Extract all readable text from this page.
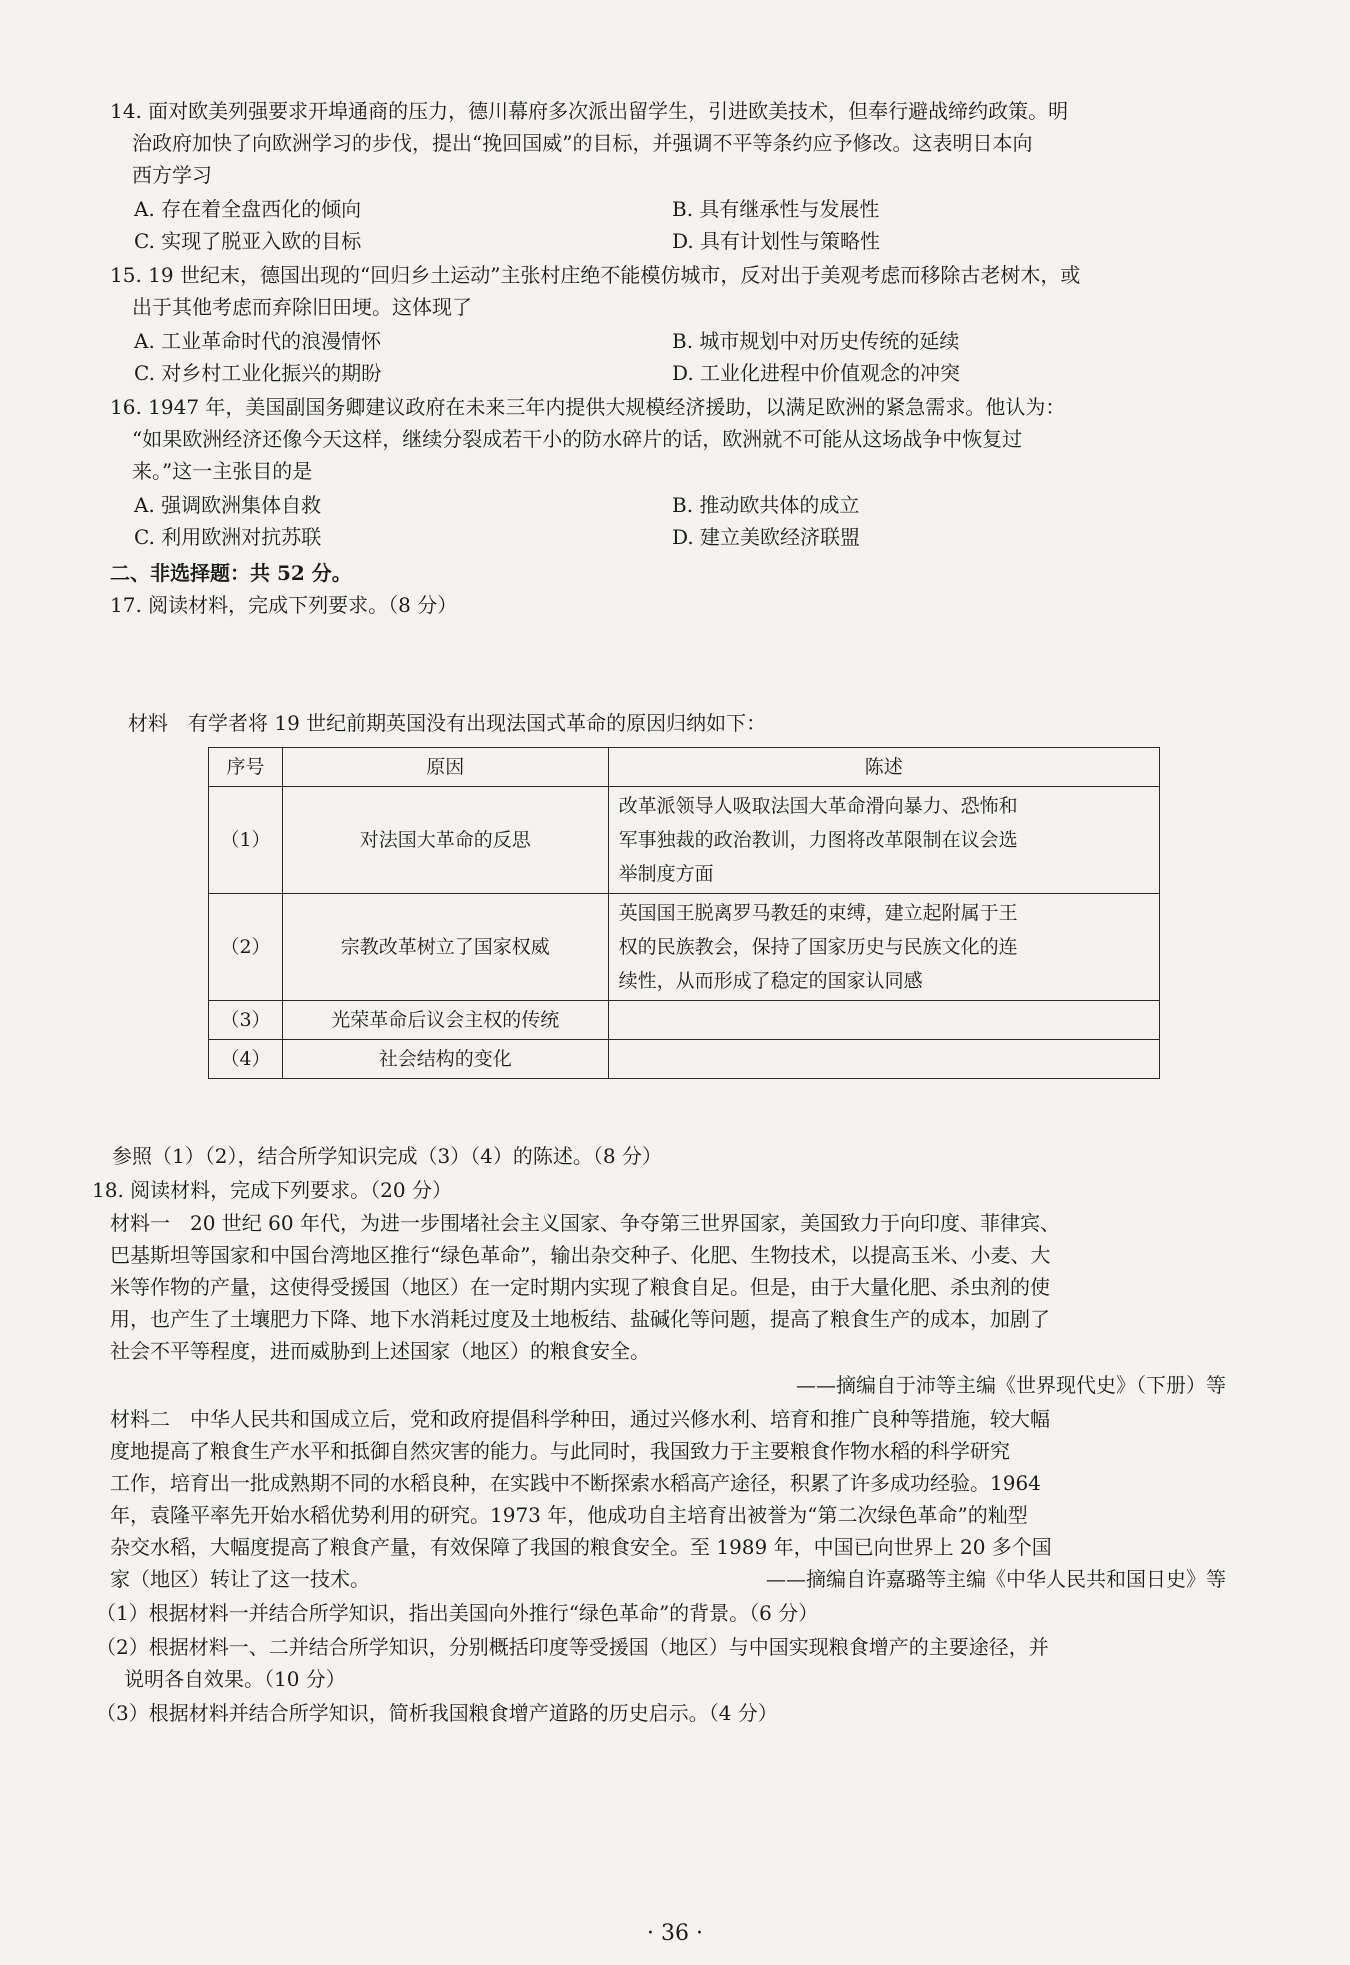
14. 面对欧美列强要求开埠通商的压力，德川幕府多次派出留学生，引进欧美技术，但奉行避战缔约政策。明
治政府加快了向欧洲学习的步伐，提出“挽回国威”的目标，并强调不平等条约应予修改。这表明日本向
西方学习
A. 存在着全盘西化的倾向	B. 具有继承性与发展性
C. 实现了脱亚入欧的目标	D. 具有计划性与策略性
15. 19 世纪末，德国出现的“回归乡土运动”主张村庄绝不能模仿城市，反对出于美观考虑而移除古老树木，或
出于其他考虑而弃除旧田埂。这体现了
A. 工业革命时代的浪漫情怀	B. 城市规划中对历史传统的延续
C. 对乡村工业化振兴的期盼	D. 工业化进程中价值观念的冲突
16. 1947 年，美国副国务卿建议政府在未来三年内提供大规模经济援助，以满足欧洲的紧急需求。他认为：
“如果欧洲经济还像今天这样，继续分裂成若干小的防水碎片的话，欧洲就不可能从这场战争中恢复过
来。”这一主张目的是
A. 强调欧洲集体自救	B. 推动欧共体的成立
C. 利用欧洲对抗苏联	D. 建立美欧经济联盟
二、非选择题：共 52 分。
17. 阅读材料，完成下列要求。（8 分）
材料　有学者将 19 世纪前期英国没有出现法国式革命的原因归纳如下：
序号	原因	陈述
（1）	对法国大革命的反思	改革派领导人吸取法国大革命滑向暴力、恐怖和
军事独裁的政治教训，力图将改革限制在议会选
举制度方面

（2）	宗教改革树立了国家权威	英国国王脱离罗马教廷的束缚，建立起附属于王
权的民族教会，保持了国家历史与民族文化的连
续性，从而形成了稳定的国家认同感

（3）	光荣革命后议会主权的传统	
（4）	社会结构的变化	
参照（1）（2），结合所学知识完成（3）（4）的陈述。（8 分）
18. 阅读材料，完成下列要求。（20 分）
材料一　20 世纪 60 年代，为进一步围堵社会主义国家、争夺第三世界国家，美国致力于向印度、菲律宾、
巴基斯坦等国家和中国台湾地区推行“绿色革命”，输出杂交种子、化肥、生物技术，以提高玉米、小麦、大
米等作物的产量，这使得受援国（地区）在一定时期内实现了粮食自足。但是，由于大量化肥、杀虫剂的使
用，也产生了土壤肥力下降、地下水消耗过度及土地板结、盐碱化等问题，提高了粮食生产的成本，加剧了
社会不平等程度，进而威胁到上述国家（地区）的粮食安全。
——摘编自于沛等主编《世界现代史》（下册）等
材料二　中华人民共和国成立后，党和政府提倡科学种田，通过兴修水利、培育和推广良种等措施，较大幅
度地提高了粮食生产水平和抵御自然灾害的能力。与此同时，我国致力于主要粮食作物水稻的科学研究
工作，培育出一批成熟期不同的水稻良种，在实践中不断探索水稻高产途径，积累了许多成功经验。1964
年，袁隆平率先开始水稻优势利用的研究。1973 年，他成功自主培育出被誉为“第二次绿色革命”的籼型
杂交水稻，大幅度提高了粮食产量，有效保障了我国的粮食安全。至 1989 年，中国已向世界上 20 多个国
家（地区）转让了这一技术。	——摘编自许嘉璐等主编《中华人民共和国日史》等
（1）根据材料一并结合所学知识，指出美国向外推行“绿色革命”的背景。（6 分）
（2）根据材料一、二并结合所学知识，分别概括印度等受援国（地区）与中国实现粮食增产的主要途径，并
说明各自效果。（10 分）
（3）根据材料并结合所学知识，简析我国粮食增产道路的历史启示。（4 分）
· 36 ·
